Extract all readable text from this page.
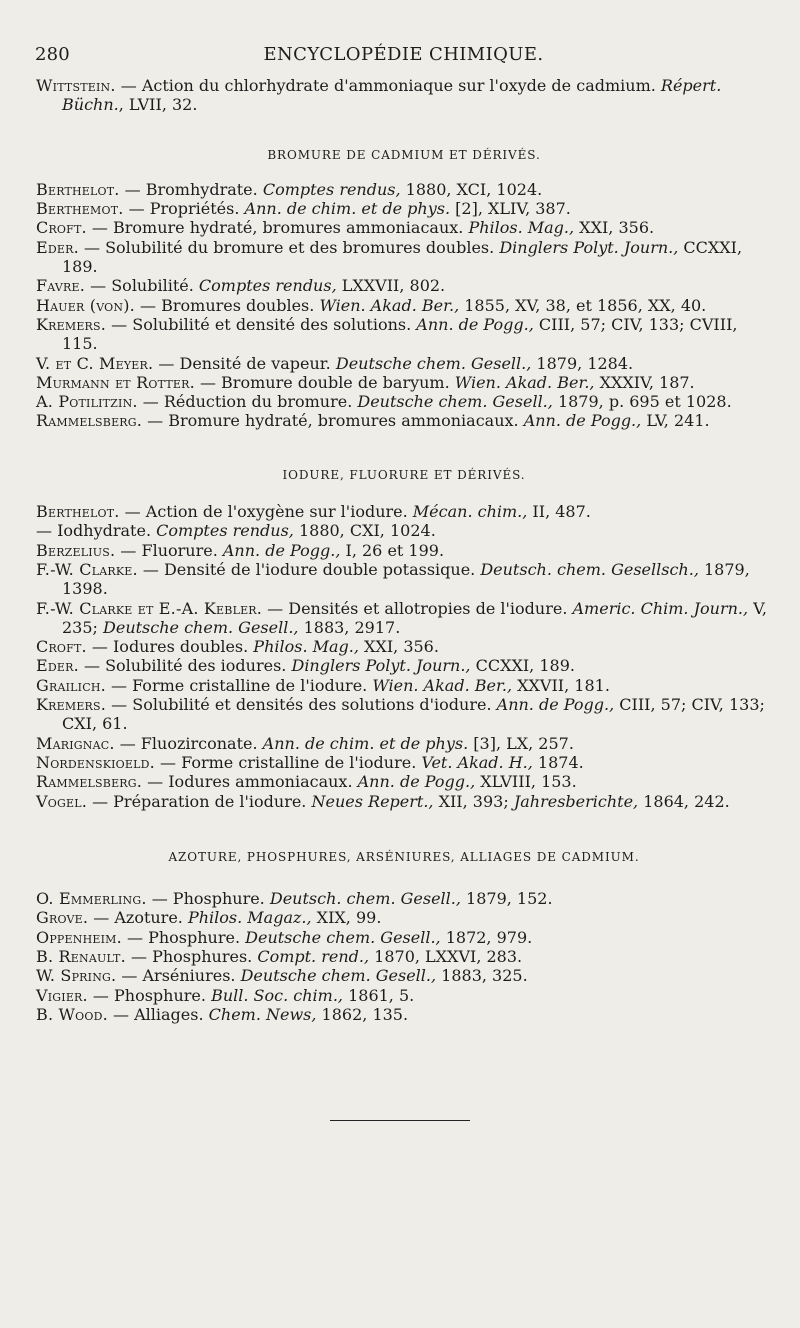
280	ENCYCLOPÉDIE CHIMIQUE.

Wittstein. — Action du chlorhydrate d'ammoniaque sur l'oxyde de cadmium. Répert. Büchn., LVII, 32.

BROMURE DE CADMIUM ET DÉRIVÉS.

Berthelot. — Bromhydrate. Comptes rendus, 1880, XCI, 1024.

Berthemot. — Propriétés. Ann. de chim. et de phys. [2], XLIV, 387.

Croft. — Bromure hydraté, bromures ammoniacaux. Philos. Mag., XXI, 356.

Eder. — Solubilité du bromure et des bromures doubles. Dinglers Polyt. Journ., CCXXI, 189.

Favre. — Solubilité. Comptes rendus, LXXVII, 802.

Hauer (von). — Bromures doubles. Wien. Akad. Ber., 1855, XV, 38, et 1856, XX, 40.

Kremers. — Solubilité et densité des solutions. Ann. de Pogg., CIII, 57; CIV, 133; CVIII, 115.

V. et C. Meyer. — Densité de vapeur. Deutsche chem. Gesell., 1879, 1284.

Murmann et Rotter. — Bromure double de baryum. Wien. Akad. Ber., XXXIV, 187.

A. Potilitzin. — Réduction du bromure. Deutsche chem. Gesell., 1879, p. 695 et 1028.

Rammelsberg. — Bromure hydraté, bromures ammoniacaux. Ann. de Pogg., LV, 241.

IODURE, FLUORURE ET DÉRIVÉS.

Berthelot. — Action de l'oxygène sur l'iodure. Mécan. chim., II, 487.

— Iodhydrate. Comptes rendus, 1880, CXI, 1024.

Berzelius. — Fluorure. Ann. de Pogg., I, 26 et 199.

F.-W. Clarke. — Densité de l'iodure double potassique. Deutsch. chem. Gesellsch., 1879, 1398.

F.-W. Clarke et E.-A. Kebler. — Densités et allotropies de l'iodure. Americ. Chim. Journ., V, 235; Deutsche chem. Gesell., 1883, 2917.

Croft. — Iodures doubles. Philos. Mag., XXI, 356.

Eder. — Solubilité des iodures. Dinglers Polyt. Journ., CCXXI, 189.

Grailich. — Forme cristalline de l'iodure. Wien. Akad. Ber., XXVII, 181.

Kremers. — Solubilité et densités des solutions d'iodure. Ann. de Pogg., CIII, 57; CIV, 133; CXI, 61.

Marignac. — Fluozirconate. Ann. de chim. et de phys. [3], LX, 257.

Nordenskioeld. — Forme cristalline de l'iodure. Vet. Akad. H., 1874.

Rammelsberg. — Iodures ammoniacaux. Ann. de Pogg., XLVIII, 153.

Vogel. — Préparation de l'iodure. Neues Repert., XII, 393; Jahresberichte, 1864, 242.

AZOTURE, PHOSPHURES, ARSÉNIURES, ALLIAGES DE CADMIUM.

O. Emmerling. — Phosphure. Deutsch. chem. Gesell., 1879, 152.

Grove. — Azoture. Philos. Magaz., XIX, 99.

Oppenheim. — Phosphure. Deutsche chem. Gesell., 1872, 979.

B. Renault. — Phosphures. Compt. rend., 1870, LXXVI, 283.

W. Spring. — Arséniures. Deutsche chem. Gesell., 1883, 325.

Vigier. — Phosphure. Bull. Soc. chim., 1861, 5.

B. Wood. — Alliages. Chem. News, 1862, 135.
